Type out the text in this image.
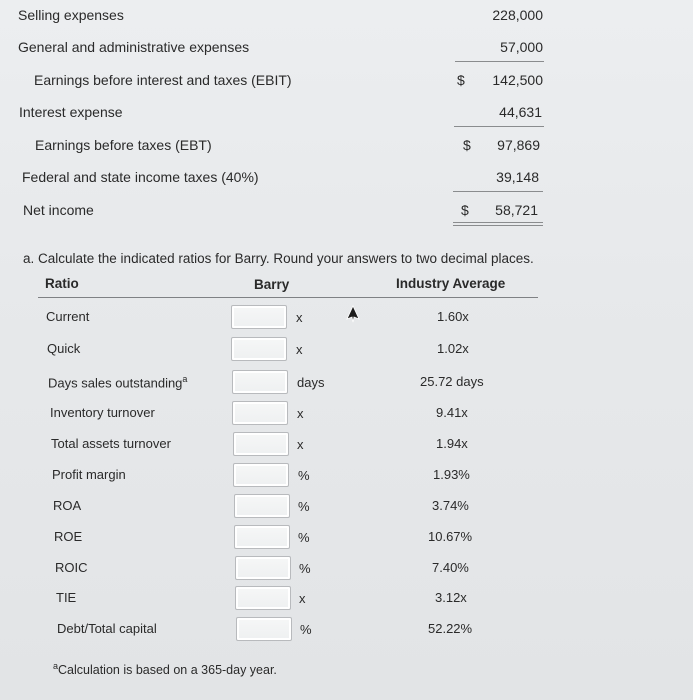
Selling expenses	228,000
General and administrative expenses	57,000
Earnings before interest and taxes (EBIT)	$ 142,500
Interest expense	44,631
Earnings before taxes (EBT)	$ 97,869
Federal and state income taxes (40%)	39,148
Net income	$ 58,721
a. Calculate the indicated ratios for Barry. Round your answers to two decimal places.
Ratio	Barry	Industry Average
Current	x	1.60x
Quick	x	1.02x
Days sales outstanding$^a$	days	25.72 days
Inventory turnover	x	9.41x
Total assets turnover	x	1.94x
Profit margin	%	1.93%
ROA	%	3.74%
ROE	%	10.67%
ROIC	%	7.40%
TIE	x	3.12x
Debt/Total capital	%	52.22%
$^a$Calculation is based on a 365-day year.
